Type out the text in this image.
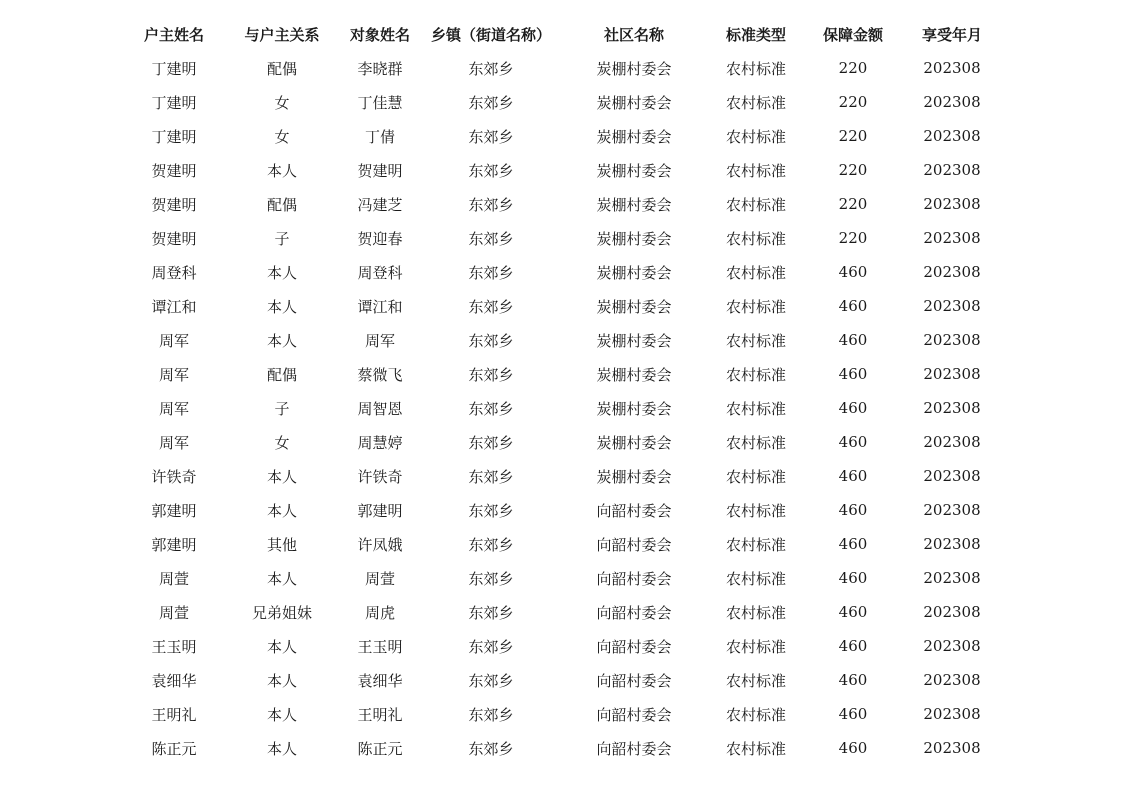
户主姓名	与户主关系	对象姓名	乡镇（街道名称）	社区名称	标准类型	保障金额	享受年月
丁建明	配偶	李晓群	东郊乡	炭棚村委会	农村标准	220	202308
丁建明	女	丁佳慧	东郊乡	炭棚村委会	农村标准	220	202308
丁建明	女	丁倩	东郊乡	炭棚村委会	农村标准	220	202308
贺建明	本人	贺建明	东郊乡	炭棚村委会	农村标准	220	202308
贺建明	配偶	冯建芝	东郊乡	炭棚村委会	农村标准	220	202308
贺建明	子	贺迎春	东郊乡	炭棚村委会	农村标准	220	202308
周登科	本人	周登科	东郊乡	炭棚村委会	农村标准	460	202308
谭江和	本人	谭江和	东郊乡	炭棚村委会	农村标准	460	202308
周军	本人	周军	东郊乡	炭棚村委会	农村标准	460	202308
周军	配偶	蔡微飞	东郊乡	炭棚村委会	农村标准	460	202308
周军	子	周智恩	东郊乡	炭棚村委会	农村标准	460	202308
周军	女	周慧婷	东郊乡	炭棚村委会	农村标准	460	202308
许铁奇	本人	许铁奇	东郊乡	炭棚村委会	农村标准	460	202308
郭建明	本人	郭建明	东郊乡	向韶村委会	农村标准	460	202308
郭建明	其他	许凤娥	东郊乡	向韶村委会	农村标准	460	202308
周萱	本人	周萱	东郊乡	向韶村委会	农村标准	460	202308
周萱	兄弟姐妹	周虎	东郊乡	向韶村委会	农村标准	460	202308
王玉明	本人	王玉明	东郊乡	向韶村委会	农村标准	460	202308
袁细华	本人	袁细华	东郊乡	向韶村委会	农村标准	460	202308
王明礼	本人	王明礼	东郊乡	向韶村委会	农村标准	460	202308
陈正元	本人	陈正元	东郊乡	向韶村委会	农村标准	460	202308
